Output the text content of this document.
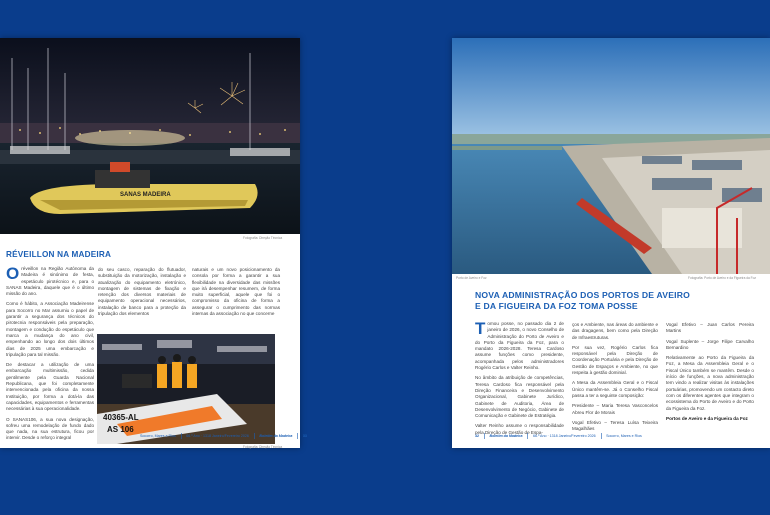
SANAS MADEIRA
Fotografia: Direção Técnica
RÉVEILLON NA MADEIRA

Oréveillon na Região Autónoma da Madeira é sinónimo de festa, espetáculo pirotécnico e, para o SANAS Madeira, daquele que é o último missão do ano.

Como é hábito, a Associação Madeirense para Socorro no Mar assumiu o papel de garantir a segurança dos técnicos do pirotecnia responsáveis pela preparação, montagem e condução do espetáculo que marca a mudança do ano civil, empenhando ao longo dos dois últimos dias de 2025 uma embarcação e tripulação para tal missão.

De destacar a utilização de uma embarcação multimissão, cedida gentilmente pela Guarda Nacional Republicana, que foi completamente intervencionada pela oficina da nossa Instituição, por forma a dotá-la das capacidades, equipamentos e ferramentas necessárias à sua operacionalidade.

O SANAS106, a sua nova designação, sofreu uma remodelação de fundo dado que nada, na sua estrutura, ficou por intervir. Desde o reforço integral

do seu casco, reparação do flutuador, substituição da motorização, instalação e atualização do equipamento eletrónico, montagem de sistemas de fixação e retenção dos diversos materiais de equipamento operacional necessários, instalação de banco para a proteção da tripulação dos elementos

naturais e um novo posicionamento da consola por forma a garantir a sua flexibilidade na diversidade das missões que irá desempenhar resumem, de forma muito superficial, aquele que foi o compromisso da oficina de forma a assegurar o cumprimento das normas internas da associação no que concerne

40365-AL
AS 106
Fotografia: Direção Técnica
Socorro, Mares e Rios	66.º Ano · 1318 Janeiro/Fevereiro 2026	Boletim da Madeira	33
Porto de Aveiro e Foz	Fotografia: Porto de Aveiro e da Figueira da Foz
NOVA ADMINISTRAÇÃO DOS PORTOS DE AVEIRO
E DA FIGUEIRA DA FOZ TOMA POSSE

Tomou posse, no passado dia 2 de janeiro de 2026, o novo Conselho de Administração do Porto de Aveiro e do Porto da Figueira da Foz, para o mandato 2026-2028. Teresa Cardoso assume funções como presidente, acompanhada pelos administradores Rogério Carlos e Valter Reinho.

No âmbito da atribuição de competências, Teresa Cardoso fica responsável pela Direção Financeira e Desenvolvimento Organizacional, Gabinete Jurídico, Gabinete de Auditoria, Área de Desenvolvimento de Negócio, Gabinete de Comunicação e Gabinete de Estratégia.

Valter Reinho assume o responsabilidade pela Direção de Gestão de Espa-

ços e Ambiente, nas áreas do ambiente e das dragagens, bem como pela Direção de Infraestruturas.

Por sua vez, Rogério Carlos fica responsável pela Direção de Coordenação Portuária e pela Direção de Gestão de Espaços e Ambiente, no que respeita à gestão dominial.

A Mesa da Assembleia Geral e o Fiscal Único mantêm-se. Já o Conselho Fiscal passa a ter a seguinte composição:

Presidente – Maria Teresa Vasconcelos Abreu Flor de Morais

Vogal Efetivo – Teresa Luísa Teixeira Magalhães

Vogal Efetivo – Juan Carlos Pereira Martins

Vogal Suplente – Jorge Filipe Carvalho Bernardino

Relativamente ao Porto da Figueira da Foz, a Mesa da Assembleia Geral e o Fiscal Único também se mantêm. Desde o início de funções, a nova administração tem vindo a realizar visitas às instalações portuárias, promovendo um contacto direto com os diferentes agentes que integram o ecossistema do Porto de Aveiro e do Porto da Figueira da Foz.

Portos de Aveiro e da Figueira da Foz

32	Boletim da Madeira	66.º Ano · 1318 Janeiro/Fevereiro 2026	Socorro, Mares e Rios
